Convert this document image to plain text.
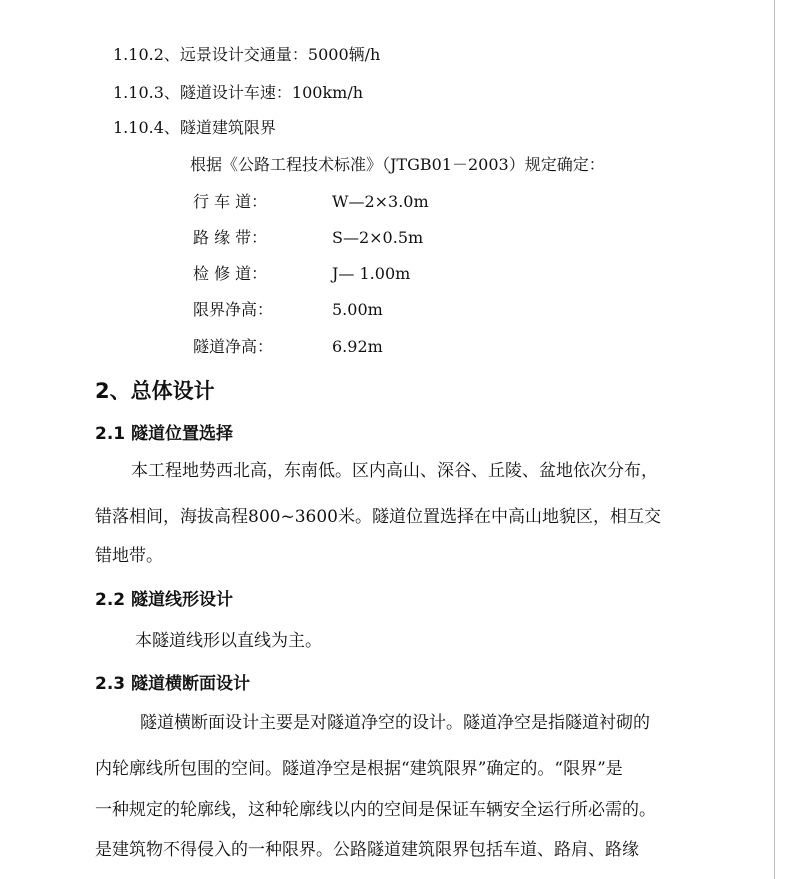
1.10.2、远景设计交通量：5000辆/h
1.10.3、隧道设计车速：100km/h
1.10.4、隧道建筑限界
根据《公路工程技术标准》（JTGB01－2003）规定确定：
行 车 道：	W—2×3.0m
路 缘 带：	S—2×0.5m
检 修 道：	J— 1.00m
限界净高：	5.00m
隧道净高：	6.92m
2、总体设计
2.1 隧道位置选择
本工程地势西北高，东南低。区内高山、深谷、丘陵、盆地依次分布，
错落相间，海拔高程800~3600米。隧道位置选择在中高山地貌区，相互交
错地带。
2.2 隧道线形设计
本隧道线形以直线为主。
2.3 隧道横断面设计
隧道横断面设计主要是对隧道净空的设计。隧道净空是指隧道衬砌的
内轮廓线所包围的空间。隧道净空是根据“建筑限界”确定的。“限界”是
一种规定的轮廓线，这种轮廓线以内的空间是保证车辆安全运行所必需的。
是建筑物不得侵入的一种限界。公路隧道建筑限界包括车道、路肩、路缘
